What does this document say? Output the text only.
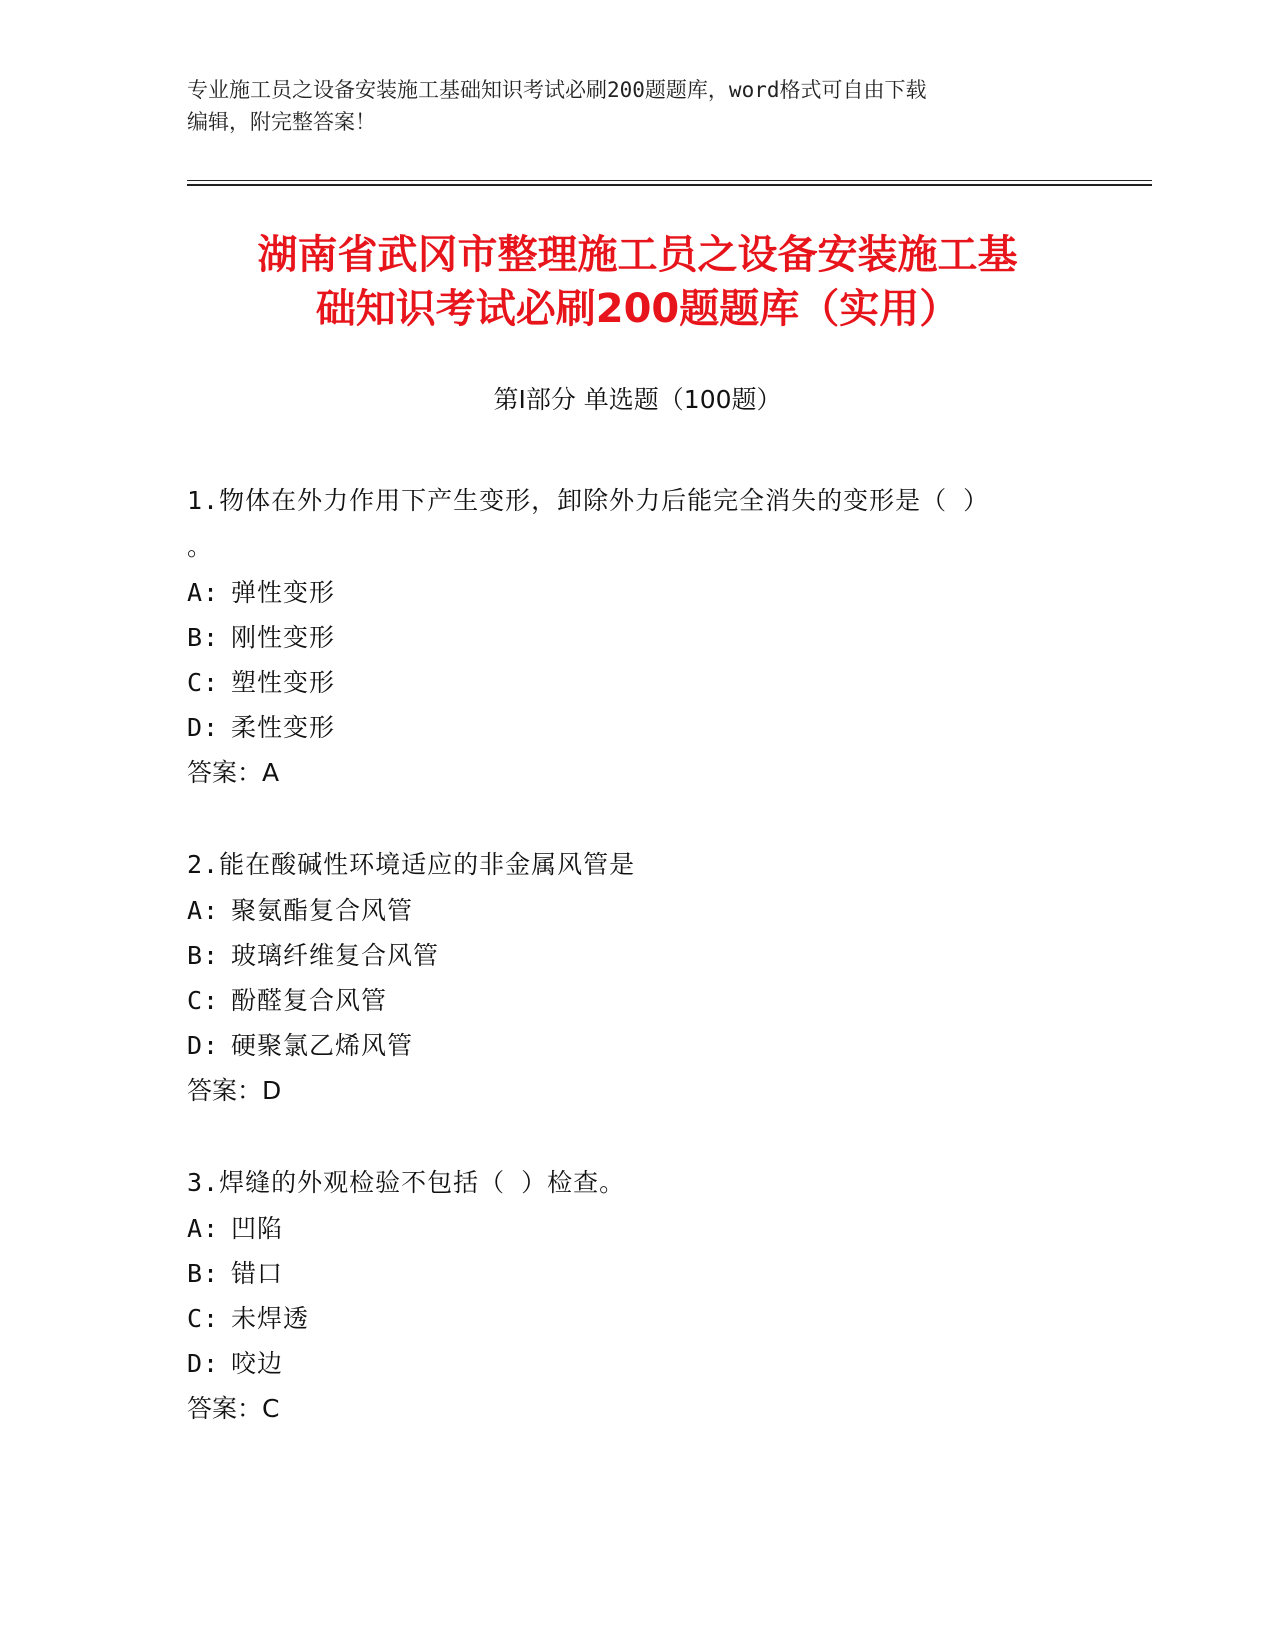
专业施工员之设备安装施工基础知识考试必刷200题题库，word格式可自由下载
编辑，附完整答案！
湖南省武冈市整理施工员之设备安装施工基
础知识考试必刷200题题库（实用）
第Ⅰ部分 单选题（100题）
1.物体在外力作用下产生变形，卸除外力后能完全消失的变形是（ ）
。
A: 弹性变形
B: 刚性变形
C: 塑性变形
D: 柔性变形
答案：A
2.能在酸碱性环境适应的非金属风管是
A: 聚氨酯复合风管
B: 玻璃纤维复合风管
C: 酚醛复合风管
D: 硬聚氯乙烯风管
答案：D
3.焊缝的外观检验不包括（ ）检查。
A: 凹陷
B: 错口
C: 未焊透
D: 咬边
答案：C
